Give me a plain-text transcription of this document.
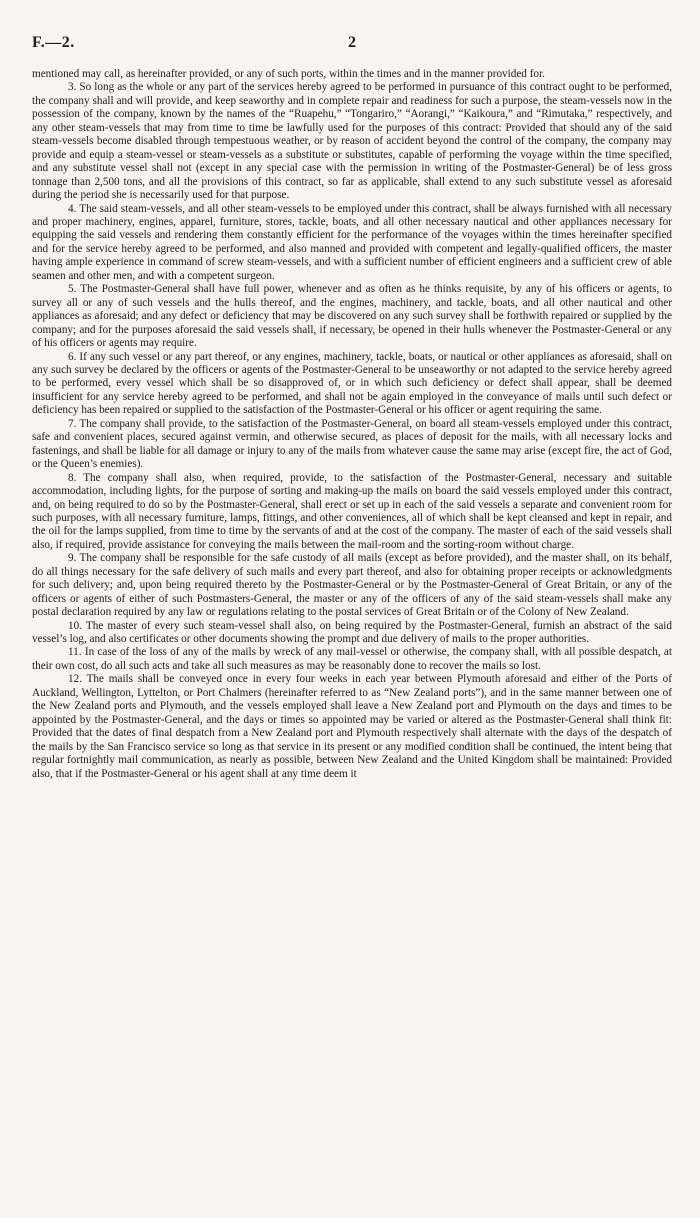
F.—2.	2

mentioned may call, as hereinafter provided, or any of such ports, within the times and in the manner provided for.

3. So long as the whole or any part of the services hereby agreed to be performed in pursuance of this contract ought to be performed, the company shall and will provide, and keep seaworthy and in complete repair and readiness for such a purpose, the steam-vessels now in the possession of the company, known by the names of the “Ruapehu,” “Tongariro,” “Aorangi,” “Kaikoura,” and “Rimutaka,” respectively, and any other steam-vessels that may from time to time be lawfully used for the purposes of this contract: Provided that should any of the said steam-vessels become disabled through tempestuous weather, or by reason of accident beyond the control of the company, the company may provide and equip a steam-vessel or steam-vessels as a substitute or substitutes, capable of performing the voyage within the time specified, and any substitute vessel shall not (except in any special case with the permission in writing of the Postmaster-General) be of less gross tonnage than 2,500 tons, and all the provisions of this contract, so far as applicable, shall extend to any such substitute vessel as aforesaid during the period she is necessarily used for that purpose.

4. The said steam-vessels, and all other steam-vessels to be employed under this contract, shall be always furnished with all necessary and proper machinery, engines, apparel, furniture, stores, tackle, boats, and all other necessary nautical and other appliances necessary for equipping the said vessels and rendering them constantly efficient for the performance of the voyages within the times hereinafter specified and for the service hereby agreed to be performed, and also manned and provided with competent and legally-qualified officers, the master having ample experience in command of screw steam-vessels, and with a sufficient number of efficient engineers and a sufficient crew of able seamen and other men, and with a competent surgeon.

5. The Postmaster-General shall have full power, whenever and as often as he thinks requisite, by any of his officers or agents, to survey all or any of such vessels and the hulls thereof, and the engines, machinery, and tackle, boats, and all other nautical and other appliances as aforesaid; and any defect or deficiency that may be discovered on any such survey shall be forthwith repaired or supplied by the company; and for the purposes aforesaid the said vessels shall, if necessary, be opened in their hulls whenever the Postmaster-General or any of his officers or agents may require.

6. If any such vessel or any part thereof, or any engines, machinery, tackle, boats, or nautical or other appliances as aforesaid, shall on any such survey be declared by the officers or agents of the Postmaster-General to be unseaworthy or not adapted to the service hereby agreed to be performed, every vessel which shall be so disapproved of, or in which such deficiency or defect shall appear, shall be deemed insufficient for any service hereby agreed to be performed, and shall not be again employed in the conveyance of mails until such defect or deficiency has been repaired or supplied to the satisfaction of the Postmaster-General or his officer or agent requiring the same.

7. The company shall provide, to the satisfaction of the Postmaster-General, on board all steam-vessels employed under this contract, safe and convenient places, secured against vermin, and otherwise secured, as places of deposit for the mails, with all necessary locks and fastenings, and shall be liable for all damage or injury to any of the mails from whatever cause the same may arise (except fire, the act of God, or the Queen’s enemies).

8. The company shall also, when required, provide, to the satisfaction of the Postmaster-General, necessary and suitable accommodation, including lights, for the purpose of sorting and making-up the mails on board the said vessels employed under this contract, and, on being required to do so by the Postmaster-General, shall erect or set up in each of the said vessels a separate and convenient room for such purposes, with all necessary furniture, lamps, fittings, and other conveniences, all of which shall be kept cleansed and kept in repair, and the oil for the lamps supplied, from time to time by the servants of and at the cost of the company. The master of each of the said vessels shall also, if required, provide assistance for conveying the mails between the mail-room and the sorting-room without charge.

9. The company shall be responsible for the safe custody of all mails (except as before provided), and the master shall, on its behalf, do all things necessary for the safe delivery of such mails and every part thereof, and also for obtaining proper receipts or acknowledgments for such delivery; and, upon being required thereto by the Postmaster-General or by the Postmaster-General of Great Britain, or any of the officers or agents of either of such Postmasters-General, the master or any of the officers of any of the said steam-vessels shall make any postal declaration required by any law or regulations relating to the postal services of Great Britain or of the Colony of New Zealand.

10. The master of every such steam-vessel shall also, on being required by the Postmaster-General, furnish an abstract of the said vessel’s log, and also certificates or other documents showing the prompt and due delivery of mails to the proper authorities.

11. In case of the loss of any of the mails by wreck of any mail-vessel or otherwise, the company shall, with all possible despatch, at their own cost, do all such acts and take all such measures as may be reasonably done to recover the mails so lost.

12. The mails shall be conveyed once in every four weeks in each year between Plymouth aforesaid and either of the Ports of Auckland, Wellington, Lyttelton, or Port Chalmers (hereinafter referred to as “New Zealand ports”), and in the same manner between one of the New Zealand ports and Plymouth, and the vessels employed shall leave a New Zealand port and Plymouth on the days and times to be appointed by the Postmaster-General, and the days or times so appointed may be varied or altered as the Postmaster-General shall think fit: Provided that the dates of final despatch from a New Zealand port and Plymouth respectively shall alternate with the days of the despatch of the mails by the San Francisco service so long as that service in its present or any modified condition shall be continued, the intent being that regular fortnightly mail communication, as nearly as possible, between New Zealand and the United Kingdom shall be maintained: Provided also, that if the Postmaster-General or his agent shall at any time deem it
